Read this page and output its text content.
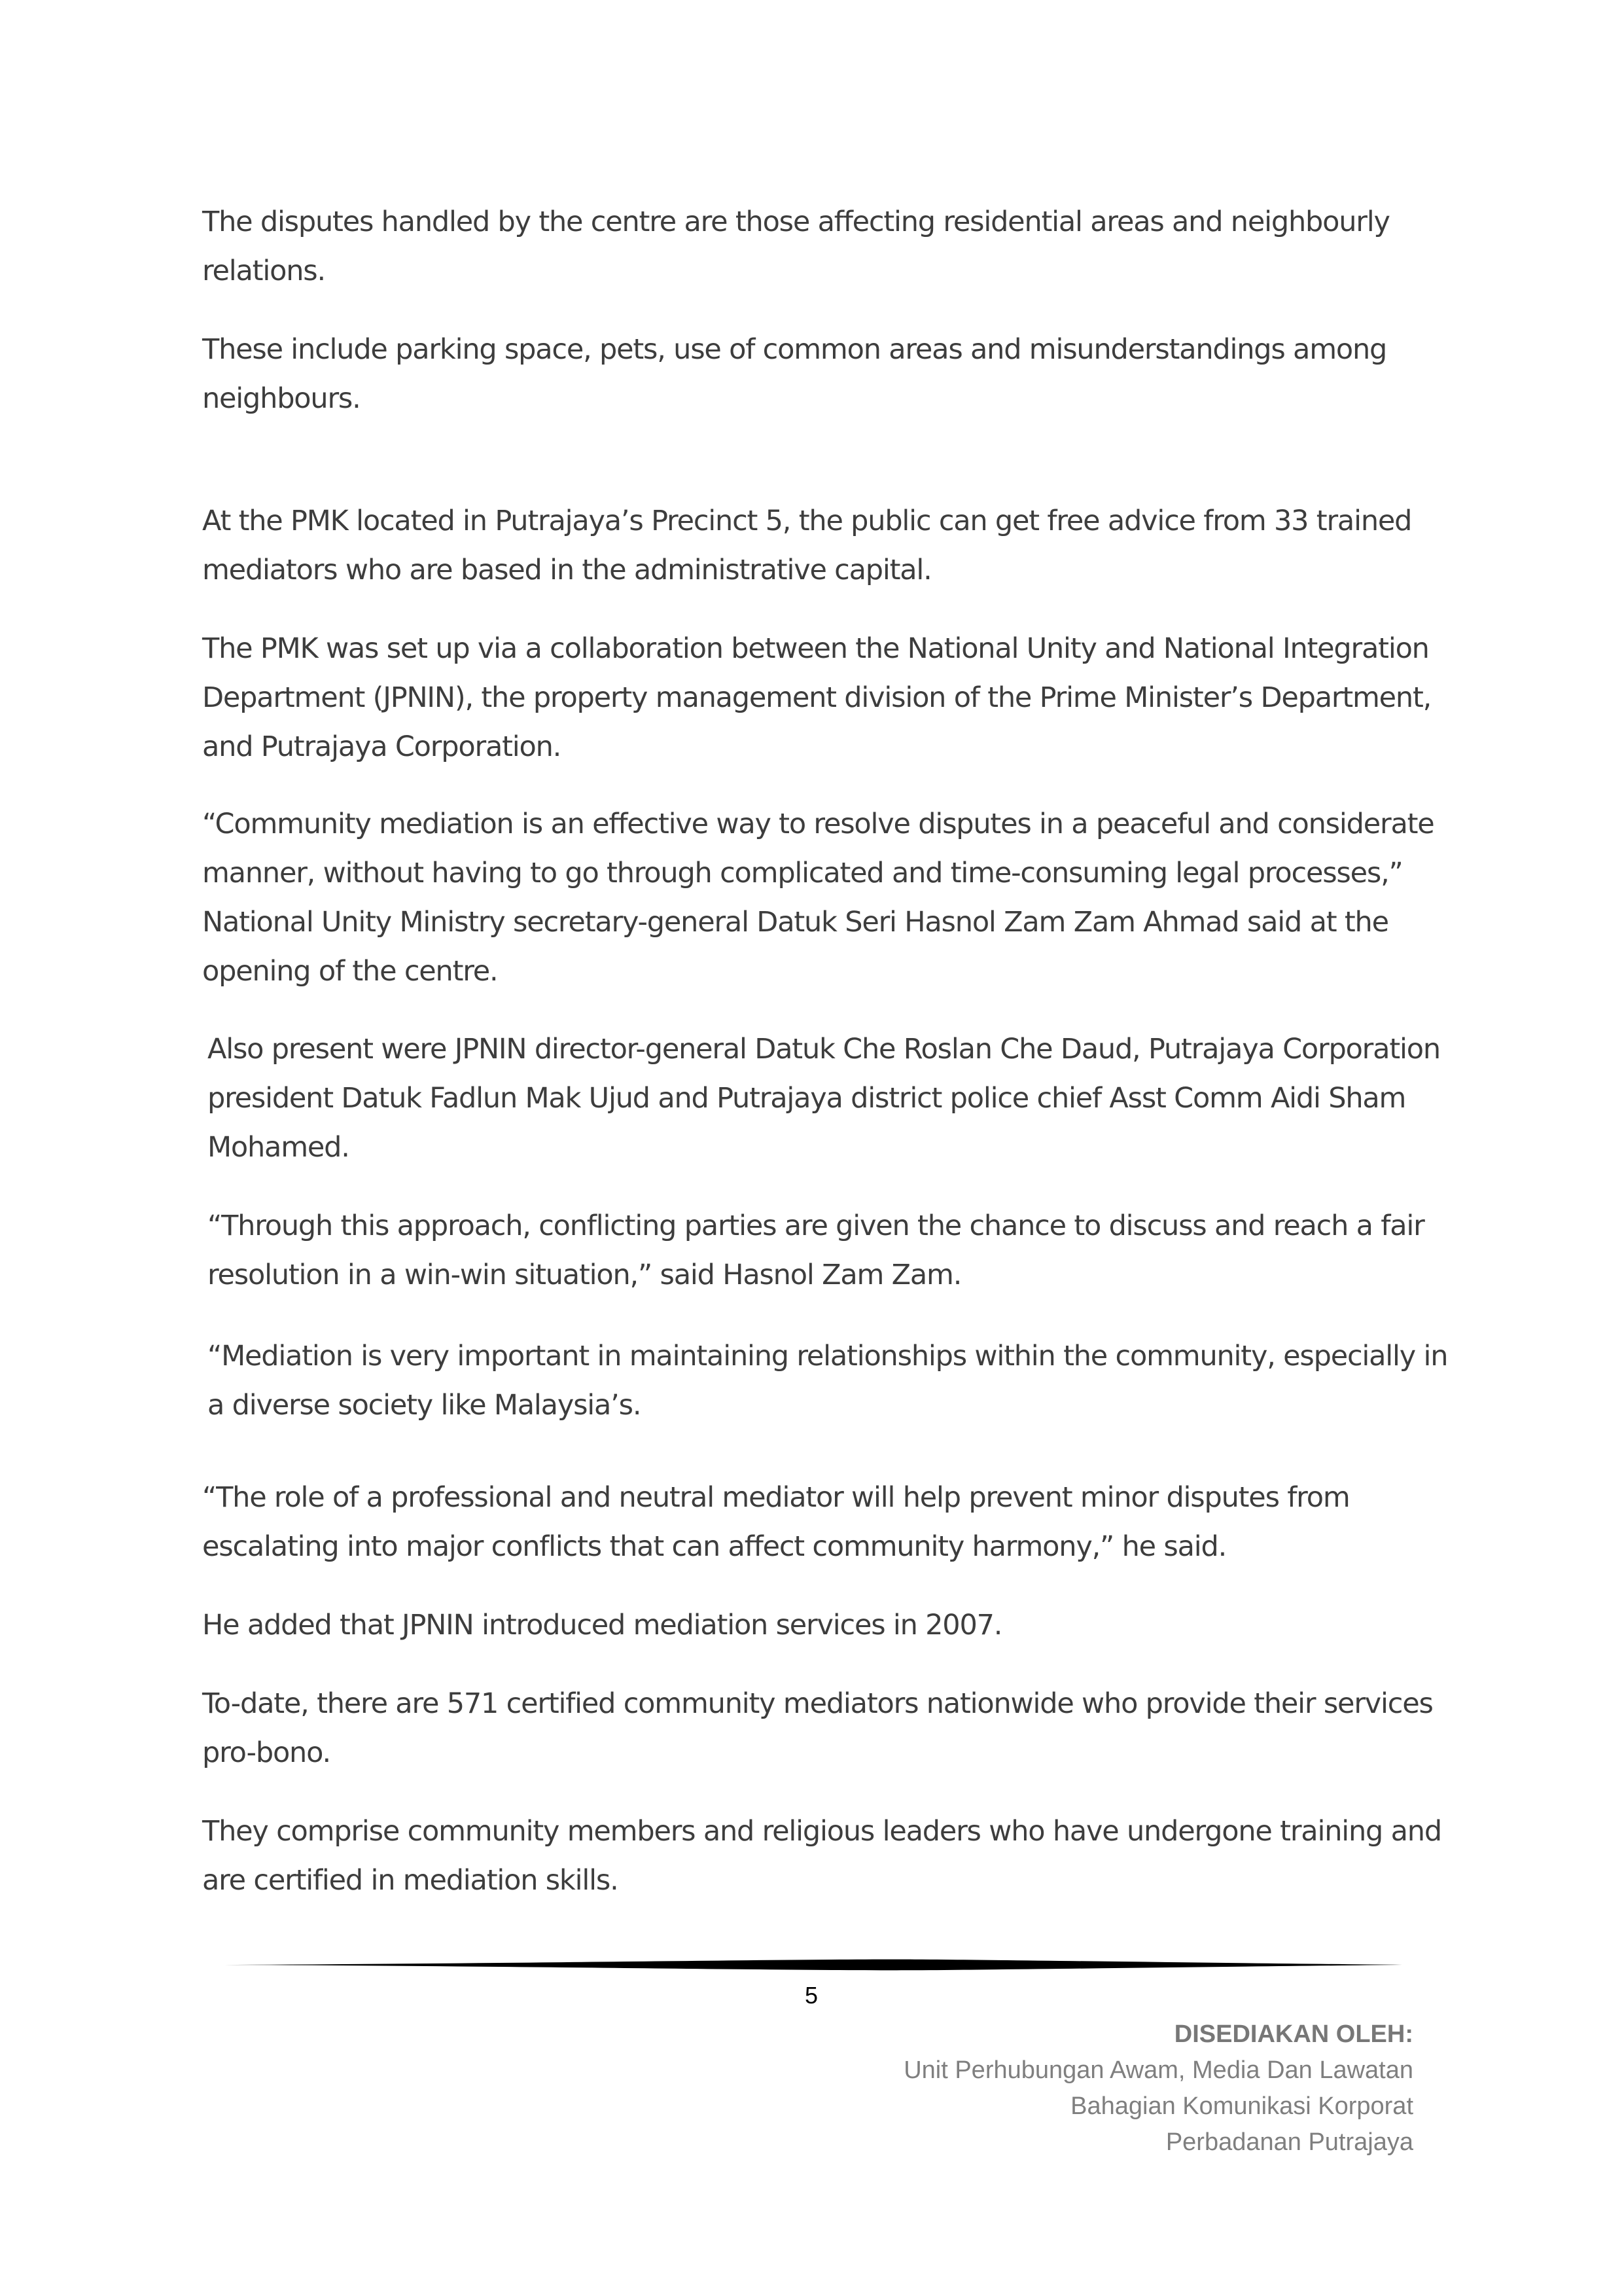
The disputes handled by the centre are those affecting residential areas and neighbourly relations.

These include parking space, pets, use of common areas and misunderstandings among neighbours.

At the PMK located in Putrajaya’s Precinct 5, the public can get free advice from 33 trained mediators who are based in the administrative capital.

The PMK was set up via a collaboration between the National Unity and National Integration Department (JPNIN), the property management division of the Prime Minister’s Department, and Putrajaya Corporation.

“Community mediation is an effective way to resolve disputes in a peaceful and considerate manner, without having to go through complicated and time-consuming legal processes,” National Unity Ministry secretary-general Datuk Seri Hasnol Zam Zam Ahmad said at the opening of the centre.

Also present were JPNIN director-general Datuk Che Roslan Che Daud, Putrajaya Corporation president Datuk Fadlun Mak Ujud and Putrajaya district police chief Asst Comm Aidi Sham Mohamed.

“Through this approach, conflicting parties are given the chance to discuss and reach a fair resolution in a win-win situation,” said Hasnol Zam Zam.

“Mediation is very important in maintaining relationships within the community, especially in a diverse society like Malaysia’s.

“The role of a professional and neutral mediator will help prevent minor disputes from escalating into major conflicts that can affect community harmony,” he said.

He added that JPNIN introduced mediation services in 2007.

To-date, there are 571 certified community mediators nationwide who provide their services pro-bono.

They comprise community members and religious leaders who have undergone training and are certified in mediation skills.

5
DISEDIAKAN OLEH:
Unit Perhubungan Awam, Media Dan Lawatan
Bahagian Komunikasi Korporat
Perbadanan Putrajaya
